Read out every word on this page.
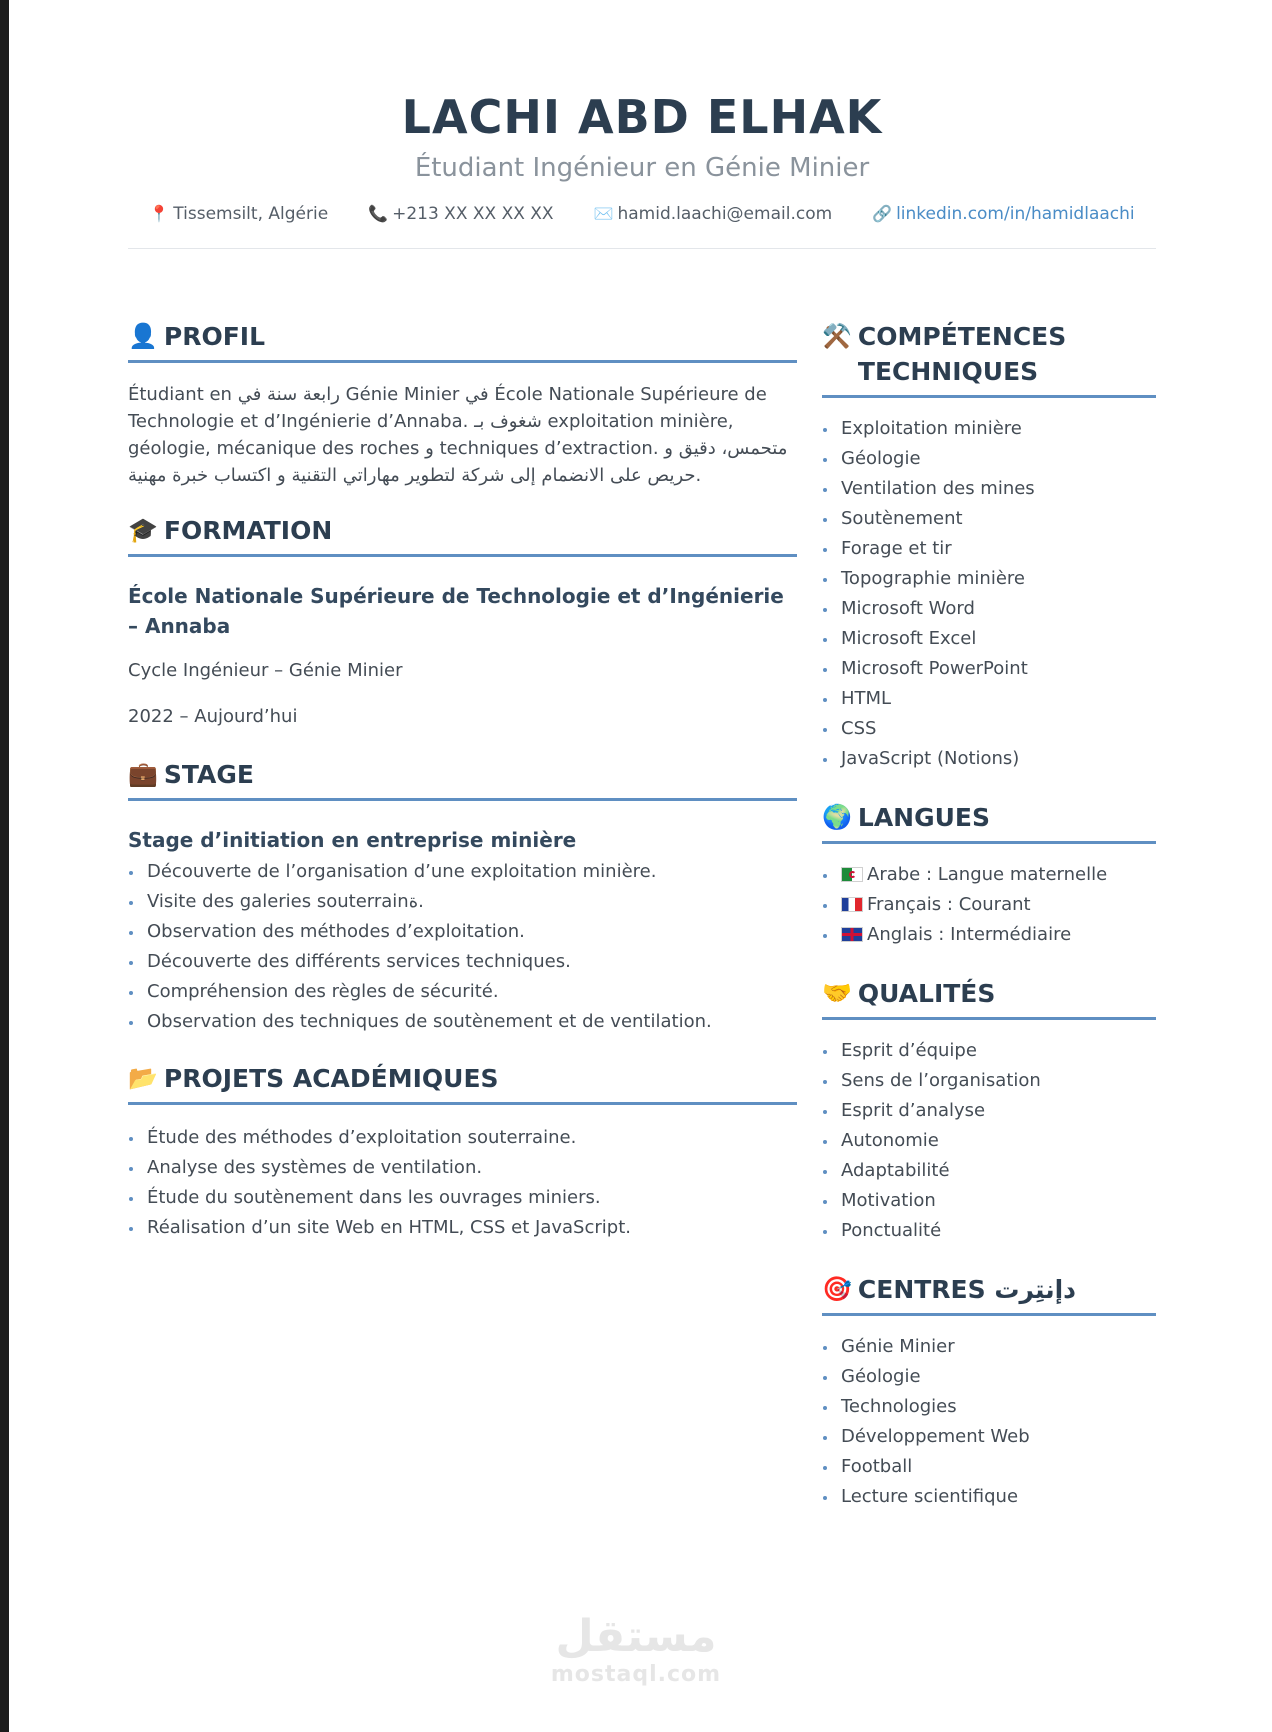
LACHI ABD ELHAK
Étudiant Ingénieur en Génie Minier
📍 Tissemsilt, Algérie	📞 +213 XX XX XX XX	✉️ hamid.laachi@email.com	🔗 linkedin.com/in/hamidlaachi
👤 PROFIL

Étudiant en رابعة سنة في Génie Minier في École Nationale Supérieure de Technologie et d’Ingénierie d’Annaba. شغوف بـ exploitation minière, géologie, mécanique des roches و techniques d’extraction. متحمس، دقيق و حريص على الانضمام إلى شركة لتطوير مهاراتي التقنية و اكتساب خبرة مهنية.

🎓 FORMATION
École Nationale Supérieure de Technologie et d’Ingénierie – Annaba
Cycle Ingénieur – Génie Minier
2022 – Aujourd’hui
💼 STAGE
Stage d’initiation en entreprise minière
Découverte de l’organisation d’une exploitation minière.
Visite des galeries souterrainة.
Observation des méthodes d’exploitation.
Découverte des différents services techniques.
Compréhension des règles de sécurité.
Observation des techniques de soutènement et de ventilation.
📂 PROJETS ACADÉMIQUES
Étude des méthodes d’exploitation souterraine.
Analyse des systèmes de ventilation.
Étude du soutènement dans les ouvrages miniers.
Réalisation d’un site Web en HTML, CSS et JavaScript.
⚒️ COMPÉTENCES TECHNIQUES
Exploitation minière
Géologie
Ventilation des mines
Soutènement
Forage et tir
Topographie minière
Microsoft Word
Microsoft Excel
Microsoft PowerPoint
HTML
CSS
JavaScript (Notions)
🌍 LANGUES
Arabe : Langue maternelle
Français : Courant
Anglais : Intermédiaire
🤝 QUALITÉS
Esprit d’équipe
Sens de l’organisation
Esprit d’analyse
Autonomie
Adaptabilité
Motivation
Ponctualité
🎯 CENTRES دإنتِرت
Génie Minier
Géologie
Technologies
Développement Web
Football
Lecture scientifique
مستقل
mostaql.com
